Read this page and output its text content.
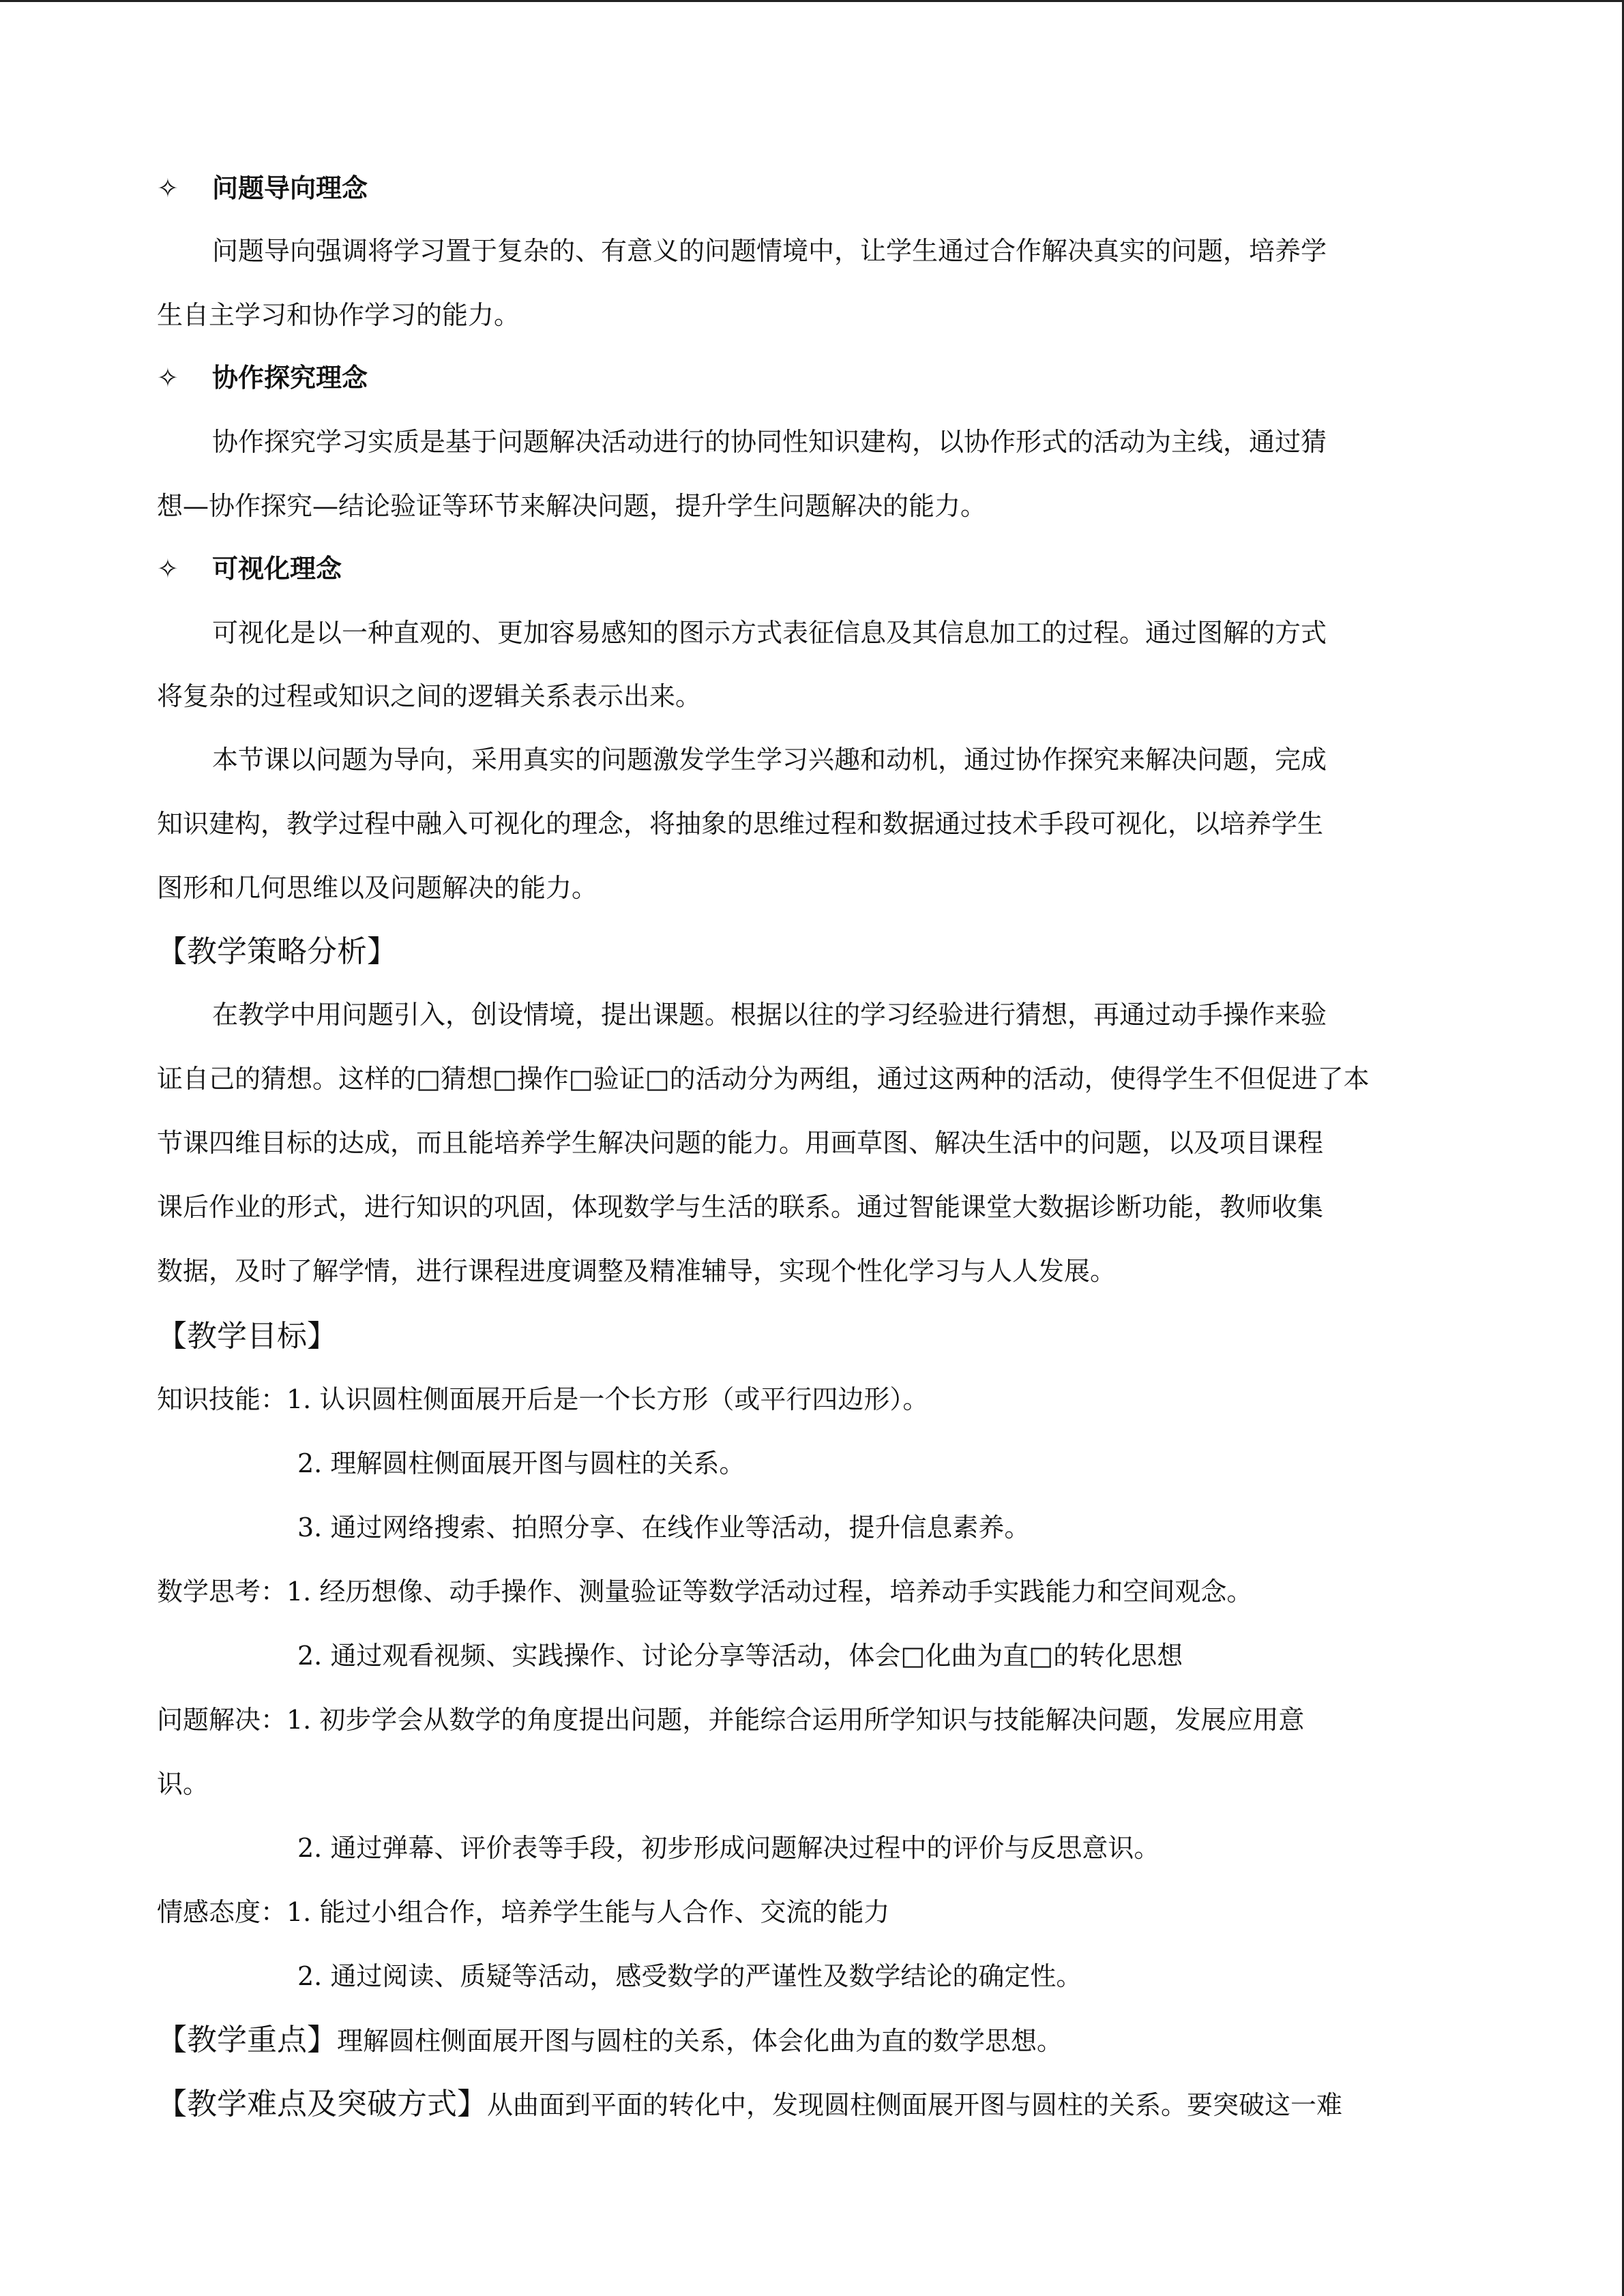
✧ 问题导向理念
问题导向强调将学习置于复杂的、有意义的问题情境中，让学生通过合作解决真实的问题，培养学
生自主学习和协作学习的能力。
✧ 协作探究理念
协作探究学习实质是基于问题解决活动进行的协同性知识建构，以协作形式的活动为主线，通过猜
想—协作探究—结论验证等环节来解决问题，提升学生问题解决的能力。
✧ 可视化理念
可视化是以一种直观的、更加容易感知的图示方式表征信息及其信息加工的过程。通过图解的方式
将复杂的过程或知识之间的逻辑关系表示出来。
本节课以问题为导向，采用真实的问题激发学生学习兴趣和动机，通过协作探究来解决问题，完成
知识建构，教学过程中融入可视化的理念，将抽象的思维过程和数据通过技术手段可视化，以培养学生
图形和几何思维以及问题解决的能力。
【教学策略分析】
在教学中用问题引入，创设情境，提出课题。根据以往的学习经验进行猜想，再通过动手操作来验
证自己的猜想。这样的□猜想□操作□验证□的活动分为两组，通过这两种的活动，使得学生不但促进了本
节课四维目标的达成，而且能培养学生解决问题的能力。用画草图、解决生活中的问题，以及项目课程
课后作业的形式，进行知识的巩固，体现数学与生活的联系。通过智能课堂大数据诊断功能，教师收集
数据，及时了解学情，进行课程进度调整及精准辅导，实现个性化学习与人人发展。
【教学目标】
知识技能：1. 认识圆柱侧面展开后是一个长方形（或平行四边形）。
2. 理解圆柱侧面展开图与圆柱的关系。
3. 通过网络搜索、拍照分享、在线作业等活动，提升信息素养。
数学思考：1. 经历想像、动手操作、测量验证等数学活动过程，培养动手实践能力和空间观念。
2. 通过观看视频、实践操作、讨论分享等活动，体会□化曲为直□的转化思想
问题解决：1. 初步学会从数学的角度提出问题，并能综合运用所学知识与技能解决问题，发展应用意
识。
2. 通过弹幕、评价表等手段，初步形成问题解决过程中的评价与反思意识。
情感态度：1. 能过小组合作，培养学生能与人合作、交流的能力
2. 通过阅读、质疑等活动，感受数学的严谨性及数学结论的确定性。
【教学重点】理解圆柱侧面展开图与圆柱的关系，体会化曲为直的数学思想。
【教学难点及突破方式】从曲面到平面的转化中，发现圆柱侧面展开图与圆柱的关系。要突破这一难
